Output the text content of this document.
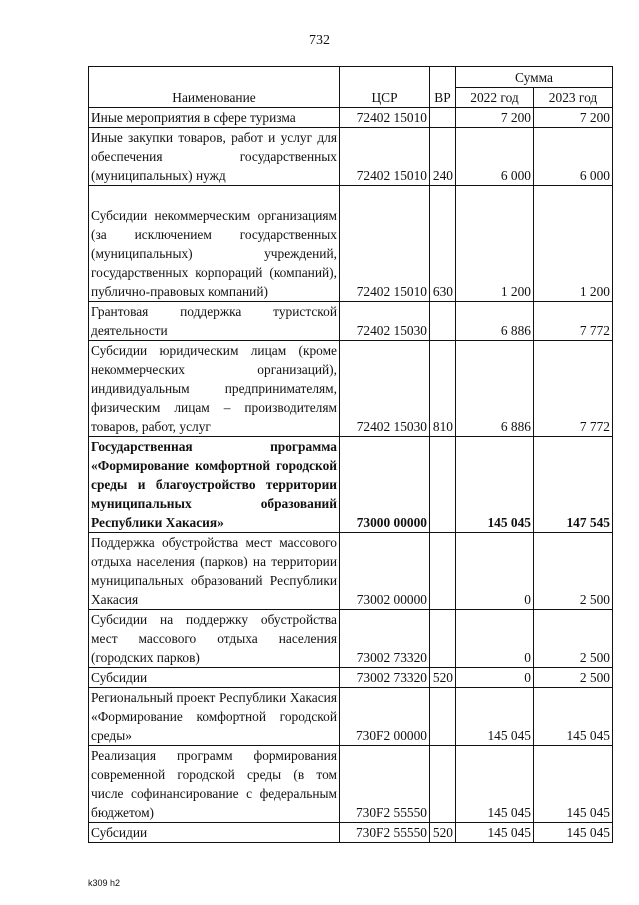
732
Наименование	ЦСР	ВР	Сумма	
			2022 год	2023 год
Иные мероприятия в сфере туризма	72402 15010		7 200	7 200
Иные закупки товаров, работ и услуг для обеспечения государственных (муниципальных) нужд	72402 15010	240	6 000	6 000
Субсидии некоммерческим организациям (за исключением государственных (муниципальных) учреждений, государственных корпораций (компаний), публично-правовых компаний)	72402 15010	630	1 200	1 200
Грантовая поддержка туристской деятельности	72402 15030		6 886	7 772
Субсидии юридическим лицам (кроме некоммерческих организаций), индивидуальным предпринимателям, физическим лицам – производителям товаров, работ, услуг	72402 15030	810	6 886	7 772
Государственная программа «Формирование комфортной городской среды и благоустройство территории муниципальных образований Республики Хакасия»	73000 00000		145 045	147 545
Поддержка обустройства мест массового отдыха населения (парков) на территории муниципальных образований Республики Хакасия	73002 00000		0	2 500
Субсидии на поддержку обустройства мест массового отдыха населения (городских парков)	73002 73320		0	2 500
Субсидии	73002 73320	520	0	2 500
Региональный проект Республики Хакасия «Формирование комфортной городской среды»	730F2 00000		145 045	145 045
Реализация программ формирования современной городской среды (в том числе софинансирование с федеральным бюджетом)	730F2 55550		145 045	145 045
Субсидии	730F2 55550	520	145 045	145 045
k309 h2
